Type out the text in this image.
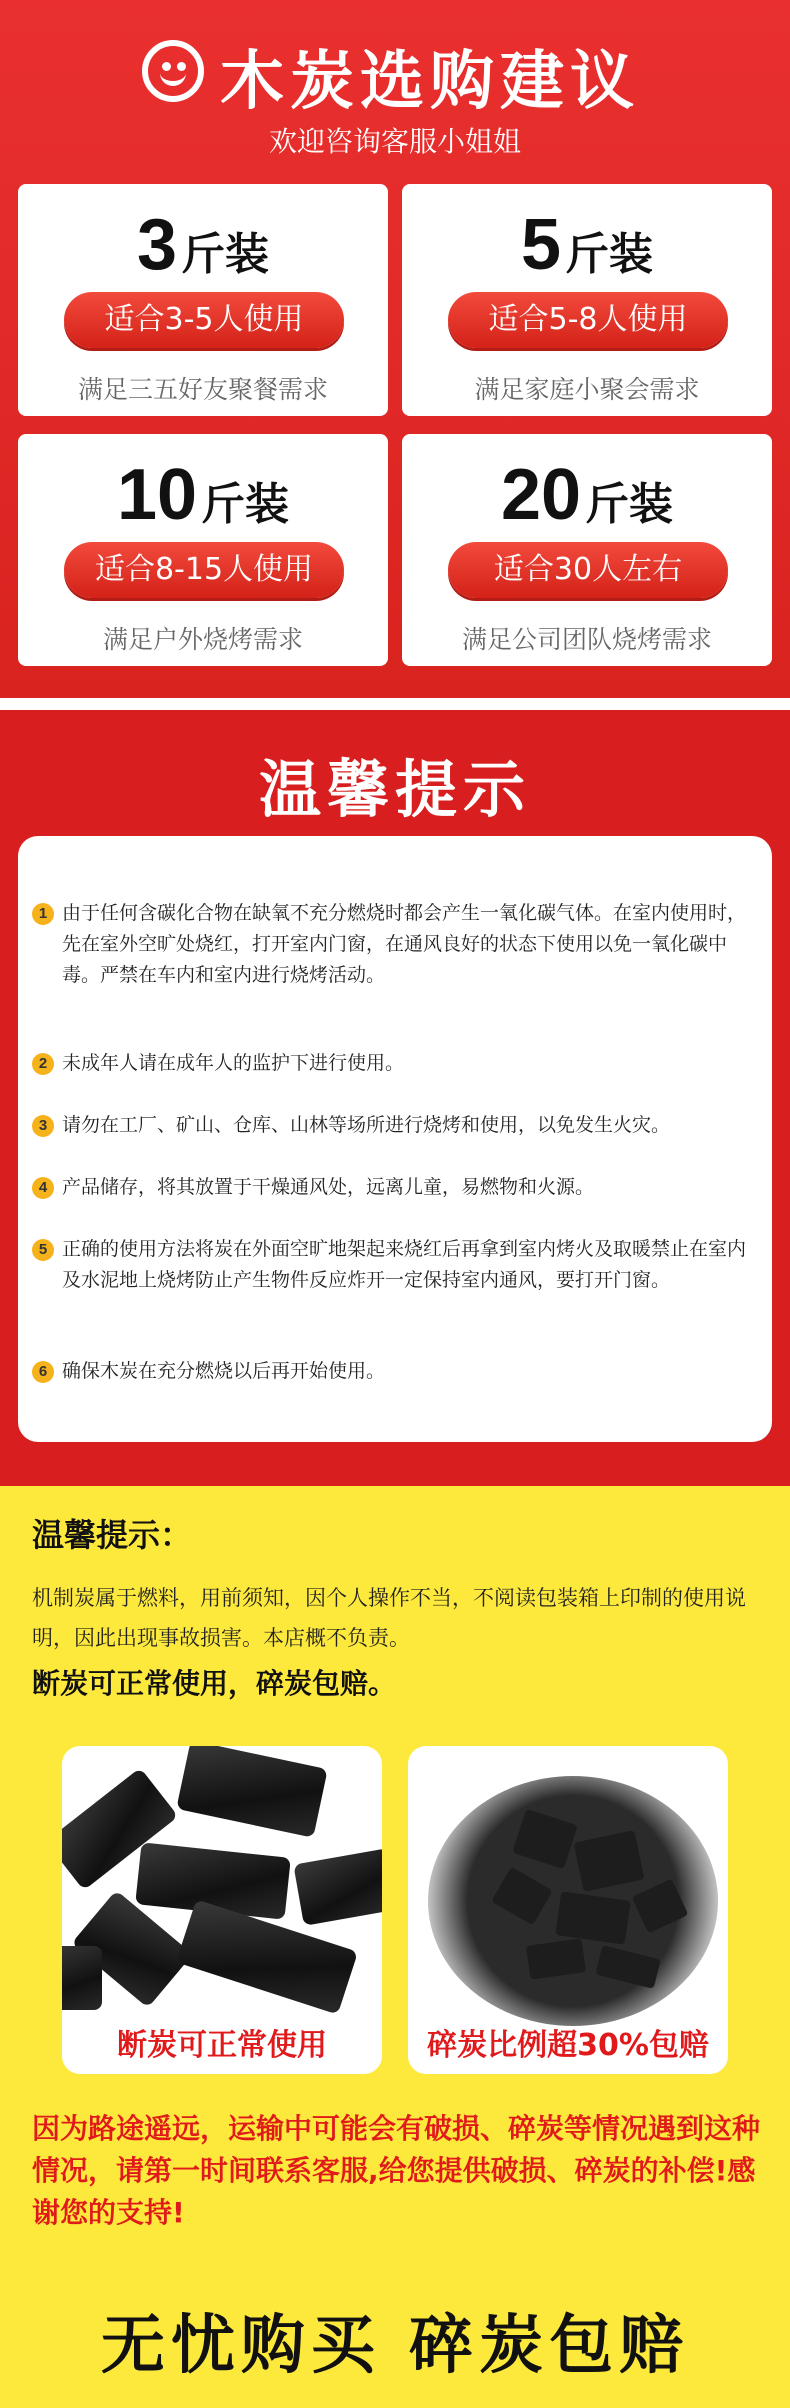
木炭选购建议
欢迎咨询客服小姐姐
3斤装
适合3-5人使用
满足三五好友聚餐需求
5斤装
适合5-8人使用
满足家庭小聚会需求
10斤装
适合8-15人使用
满足户外烧烤需求
20斤装
适合30人左右
满足公司团队烧烤需求
温馨提示
1 由于任何含碳化合物在缺氧不充分燃烧时都会产生一氧化碳气体。在室内使用时，先在室外空旷处烧红，打开室内门窗，在通风良好的状态下使用以免一氧化碳中毒。严禁在车内和室内进行烧烤活动。
2 未成年人请在成年人的监护下进行使用。
3 请勿在工厂、矿山、仓库、山林等场所进行烧烤和使用，以免发生火灾。
4 产品储存，将其放置于干燥通风处，远离儿童，易燃物和火源。
5 正确的使用方法将炭在外面空旷地架起来烧红后再拿到室内烤火及取暖禁止在室内及水泥地上烧烤防止产生物件反应炸开一定保持室内通风，要打开门窗。
6 确保木炭在充分燃烧以后再开始使用。
温馨提示：
机制炭属于燃料，用前须知，因个人操作不当，不阅读包装箱上印制的使用说明，因此出现事故损害。本店概不负责。
断炭可正常使用，碎炭包赔。
断炭可正常使用	碎炭比例超30%包赔
因为路途遥远，运输中可能会有破损、碎炭等情况遇到这种情况，请第一时间联系客服,给您提供破损、碎炭的补偿!感谢您的支持!
无忧购买 碎炭包赔
